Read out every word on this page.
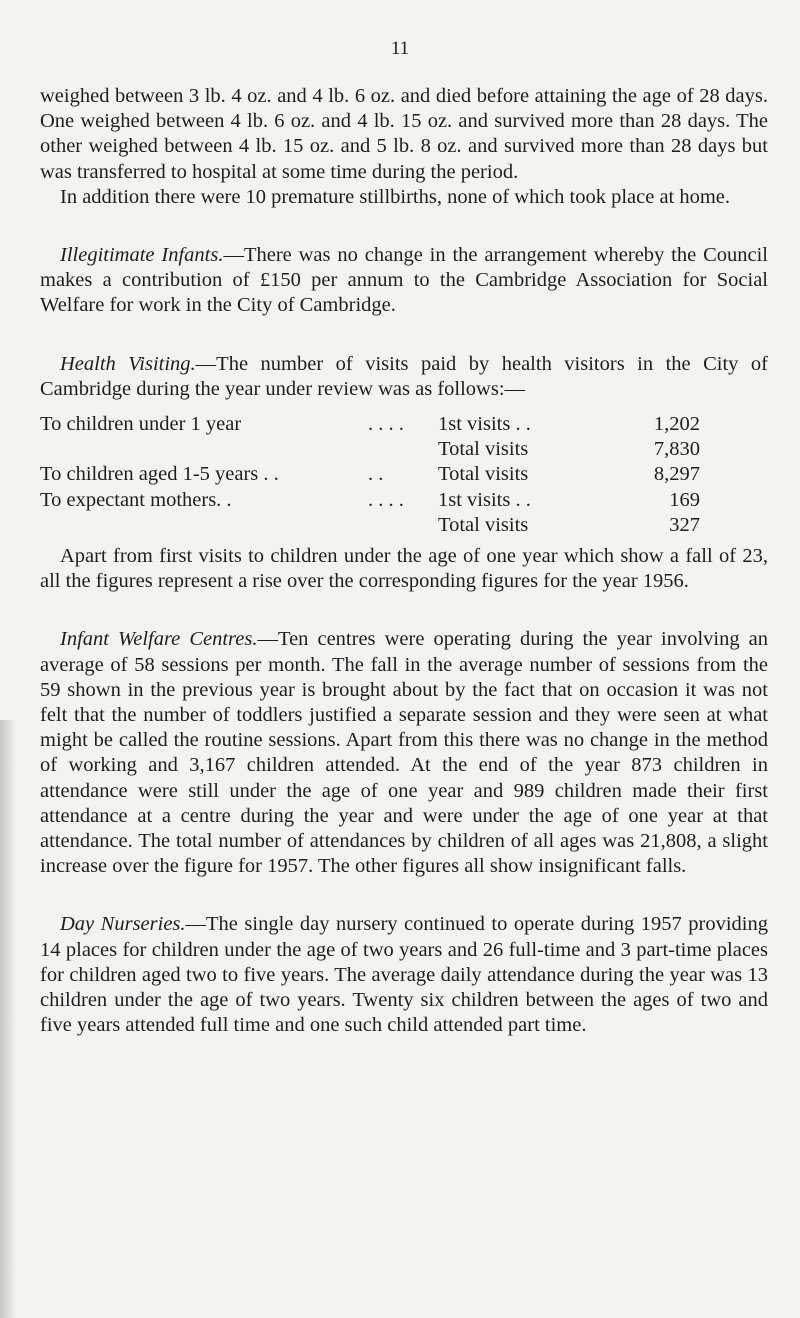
11

weighed between 3 lb. 4 oz. and 4 lb. 6 oz. and died before attaining the age of 28 days. One weighed between 4 lb. 6 oz. and 4 lb. 15 oz. and survived more than 28 days. The other weighed between 4 lb. 15 oz. and 5 lb. 8 oz. and survived more than 28 days but was transferred to hospital at some time during the period.

In addition there were 10 premature stillbirths, none of which took place at home.

Illegitimate Infants.—There was no change in the arrangement whereby the Council makes a contribution of £150 per annum to the Cambridge Association for Social Welfare for work in the City of Cambridge.

Health Visiting.—The number of visits paid by health visitors in the City of Cambridge during the year under review was as follows:—

To children under 1 year	. . . .	1st visits . .	1,202
		Total visits	7,830
To children aged 1-5 years . .	. .	Total visits	8,297
To expectant mothers. .	. . . .	1st visits . .	169
		Total visits	327

Apart from first visits to children under the age of one year which show a fall of 23, all the figures represent a rise over the corresponding figures for the year 1956.

Infant Welfare Centres.—Ten centres were operating during the year involving an average of 58 sessions per month. The fall in the average number of sessions from the 59 shown in the previous year is brought about by the fact that on occasion it was not felt that the number of toddlers justified a separate session and they were seen at what might be called the routine sessions. Apart from this there was no change in the method of working and 3,167 children attended. At the end of the year 873 children in attendance were still under the age of one year and 989 children made their first attendance at a centre during the year and were under the age of one year at that attendance. The total number of attendances by children of all ages was 21,808, a slight increase over the figure for 1957. The other figures all show insignificant falls.

Day Nurseries.—The single day nursery continued to operate during 1957 providing 14 places for children under the age of two years and 26 full-time and 3 part-time places for children aged two to five years. The average daily attendance during the year was 13 children under the age of two years. Twenty six children between the ages of two and five years attended full time and one such child attended part time.
